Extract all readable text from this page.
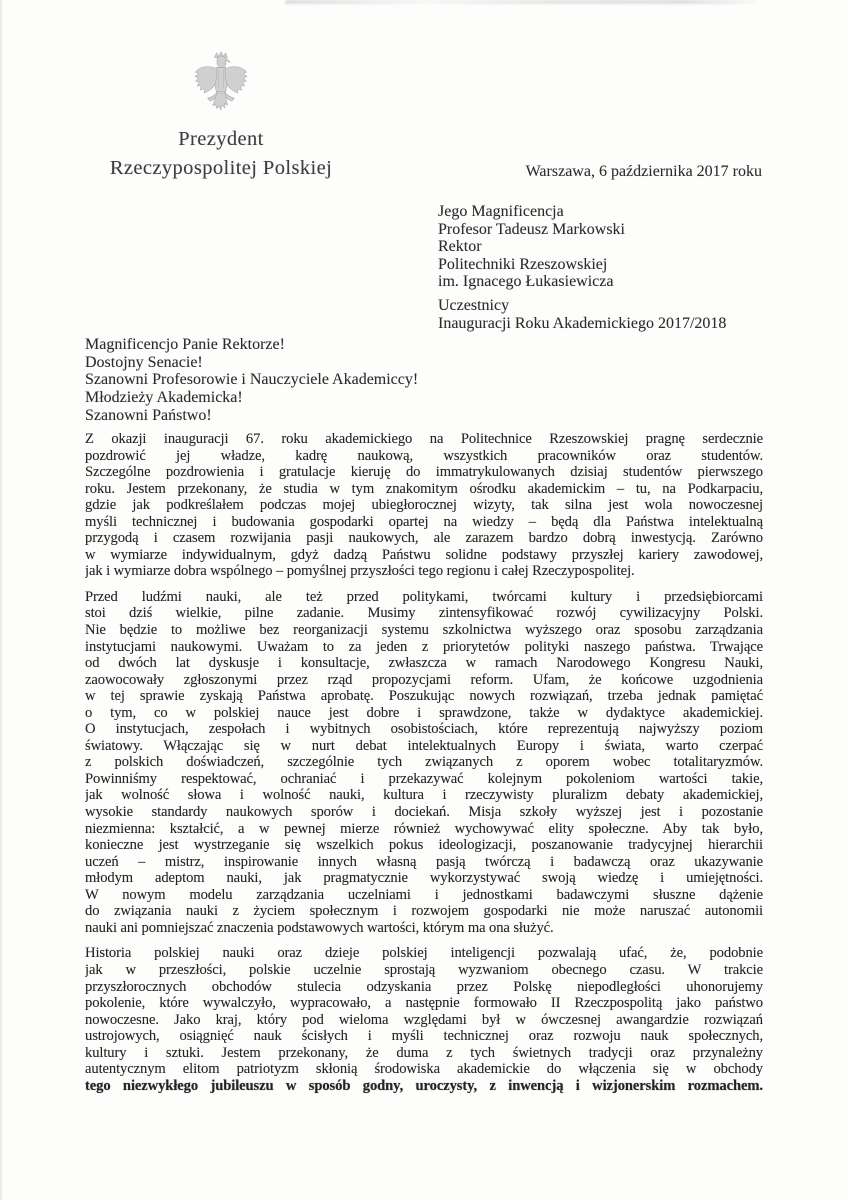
Prezydent
Rzeczypospolitej Polskiej	Warszawa, 6 października 2017 roku
Jego Magnificencja
Profesor Tadeusz Markowski
Rektor
Politechniki Rzeszowskiej
im. Ignacego Łukasiewicza
Uczestnicy
Inauguracji Roku Akademickiego 2017/2018
Magnificencjo Panie Rektorze!
Dostojny Senacie!
Szanowni Profesorowie i Nauczyciele Akademiccy!
Młodzieży Akademicka!
Szanowni Państwo!
Z okazji inauguracji 67. roku akademickiego na Politechnice Rzeszowskiej pragnę serdecznie
pozdrowić jej władze, kadrę naukową, wszystkich pracowników oraz studentów.
Szczególne pozdrowienia i gratulacje kieruję do immatrykulowanych dzisiaj studentów pierwszego
roku. Jestem przekonany, że studia w tym znakomitym ośrodku akademickim – tu, na Podkarpaciu,
gdzie jak podkreślałem podczas mojej ubiegłorocznej wizyty, tak silna jest wola nowoczesnej
myśli technicznej i budowania gospodarki opartej na wiedzy – będą dla Państwa intelektualną
przygodą i czasem rozwijania pasji naukowych, ale zarazem bardzo dobrą inwestycją. Zarówno
w wymiarze indywidualnym, gdyż dadzą Państwu solidne podstawy przyszłej kariery zawodowej,
jak i wymiarze dobra wspólnego – pomyślnej przyszłości tego regionu i całej Rzeczypospolitej.
Przed ludźmi nauki, ale też przed politykami, twórcami kultury i przedsiębiorcami
stoi dziś wielkie, pilne zadanie. Musimy zintensyfikować rozwój cywilizacyjny Polski.
Nie będzie to możliwe bez reorganizacji systemu szkolnictwa wyższego oraz sposobu zarządzania
instytucjami naukowymi. Uważam to za jeden z priorytetów polityki naszego państwa. Trwające
od dwóch lat dyskusje i konsultacje, zwłaszcza w ramach Narodowego Kongresu Nauki,
zaowocowały zgłoszonymi przez rząd propozycjami reform. Ufam, że końcowe uzgodnienia
w tej sprawie zyskają Państwa aprobatę. Poszukując nowych rozwiązań, trzeba jednak pamiętać
o tym, co w polskiej nauce jest dobre i sprawdzone, także w dydaktyce akademickiej.
O instytucjach, zespołach i wybitnych osobistościach, które reprezentują najwyższy poziom
światowy. Włączając się w nurt debat intelektualnych Europy i świata, warto czerpać
z polskich doświadczeń, szczególnie tych związanych z oporem wobec totalitaryzmów.
Powinniśmy respektować, ochraniać i przekazywać kolejnym pokoleniom wartości takie,
jak wolność słowa i wolność nauki, kultura i rzeczywisty pluralizm debaty akademickiej,
wysokie standardy naukowych sporów i dociekań. Misja szkoły wyższej jest i pozostanie
niezmienna: kształcić, a w pewnej mierze również wychowywać elity społeczne. Aby tak było,
konieczne jest wystrzeganie się wszelkich pokus ideologizacji, poszanowanie tradycyjnej hierarchii
uczeń – mistrz, inspirowanie innych własną pasją twórczą i badawczą oraz ukazywanie
młodym adeptom nauki, jak pragmatycznie wykorzystywać swoją wiedzę i umiejętności.
W nowym modelu zarządzania uczelniami i jednostkami badawczymi słuszne dążenie
do związania nauki z życiem społecznym i rozwojem gospodarki nie może naruszać autonomii
nauki ani pomniejszać znaczenia podstawowych wartości, którym ma ona służyć.
Historia polskiej nauki oraz dzieje polskiej inteligencji pozwalają ufać, że, podobnie
jak w przeszłości, polskie uczelnie sprostają wyzwaniom obecnego czasu. W trakcie
przyszłorocznych obchodów stulecia odzyskania przez Polskę niepodległości uhonorujemy
pokolenie, które wywalczyło, wypracowało, a następnie formowało II Rzeczpospolitą jako państwo
nowoczesne. Jako kraj, który pod wieloma względami był w ówczesnej awangardzie rozwiązań
ustrojowych, osiągnięć nauk ścisłych i myśli technicznej oraz rozwoju nauk społecznych,
kultury i sztuki. Jestem przekonany, że duma z tych świetnych tradycji oraz przynależny
autentycznym elitom patriotyzm skłonią środowiska akademickie do włączenia się w obchody
tego niezwykłego jubileuszu w sposób godny, uroczysty, z inwencją i wizjonerskim rozmachem.
